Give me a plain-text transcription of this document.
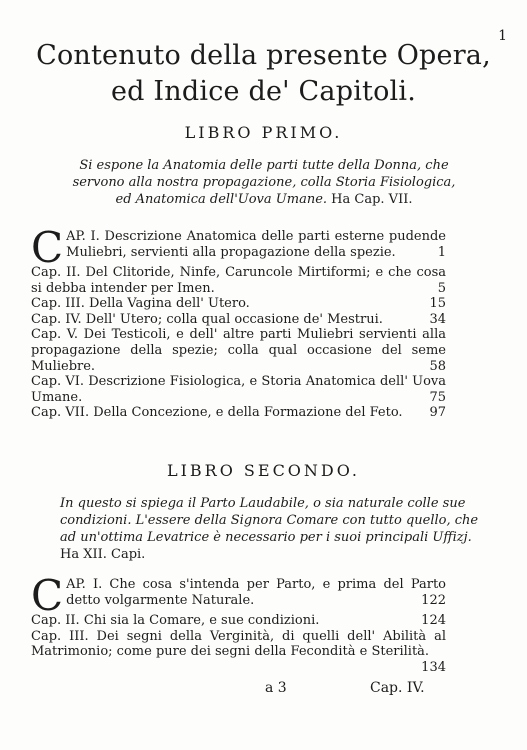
1
Contenuto della presente Opera,
ed Indice de' Capitoli.
LIBRO PRIMO.
Si espone la Anatomia delle parti tutte della Donna, che servono alla nostra propagazione, colla Storia Fisiologica, ed Anatomica dell'Uova Umane. Ha Cap. VII.
CAP. I. Descrizione Anatomica delle parti esterne pudende Muliebri, servienti alla propagazione della spezie.	1
Cap. II. Del Clitoride, Ninfe, Caruncole Mirtiformi; e che cosa si debba intender per Imen.	5
Cap. III. Della Vagina dell' Utero.	15
Cap. IV. Dell' Utero; colla qual occasione de' Mestrui.	34
Cap. V. Dei Testicoli, e dell' altre parti Muliebri servienti alla propagazione della spezie; colla qual occasione del seme Muliebre.	58
Cap. VI. Descrizione Fisiologica, e Storia Anatomica dell' Uova Umane.	75
Cap. VII. Della Concezione, e della Formazione del Feto. 97
LIBRO SECONDO.
In questo si spiega il Parto Laudabile, o sia naturale colle sue condizioni. L'essere della Signora Comare con tutto quello, che ad un'ottima Levatrice è necessario per i suoi principali Uffizj. Ha XII. Capi.
CAP. I. Che cosa s'intenda per Parto, e prima del Parto detto volgarmente Naturale.	122
Cap. II. Chi sia la Comare, e sue condizioni.	124
Cap. III. Dei segni della Verginità, di quelli dell' Abilità al Matrimonio; come pure dei segni della Fecondità e Sterilità.
134
a 3	Cap. IV.
